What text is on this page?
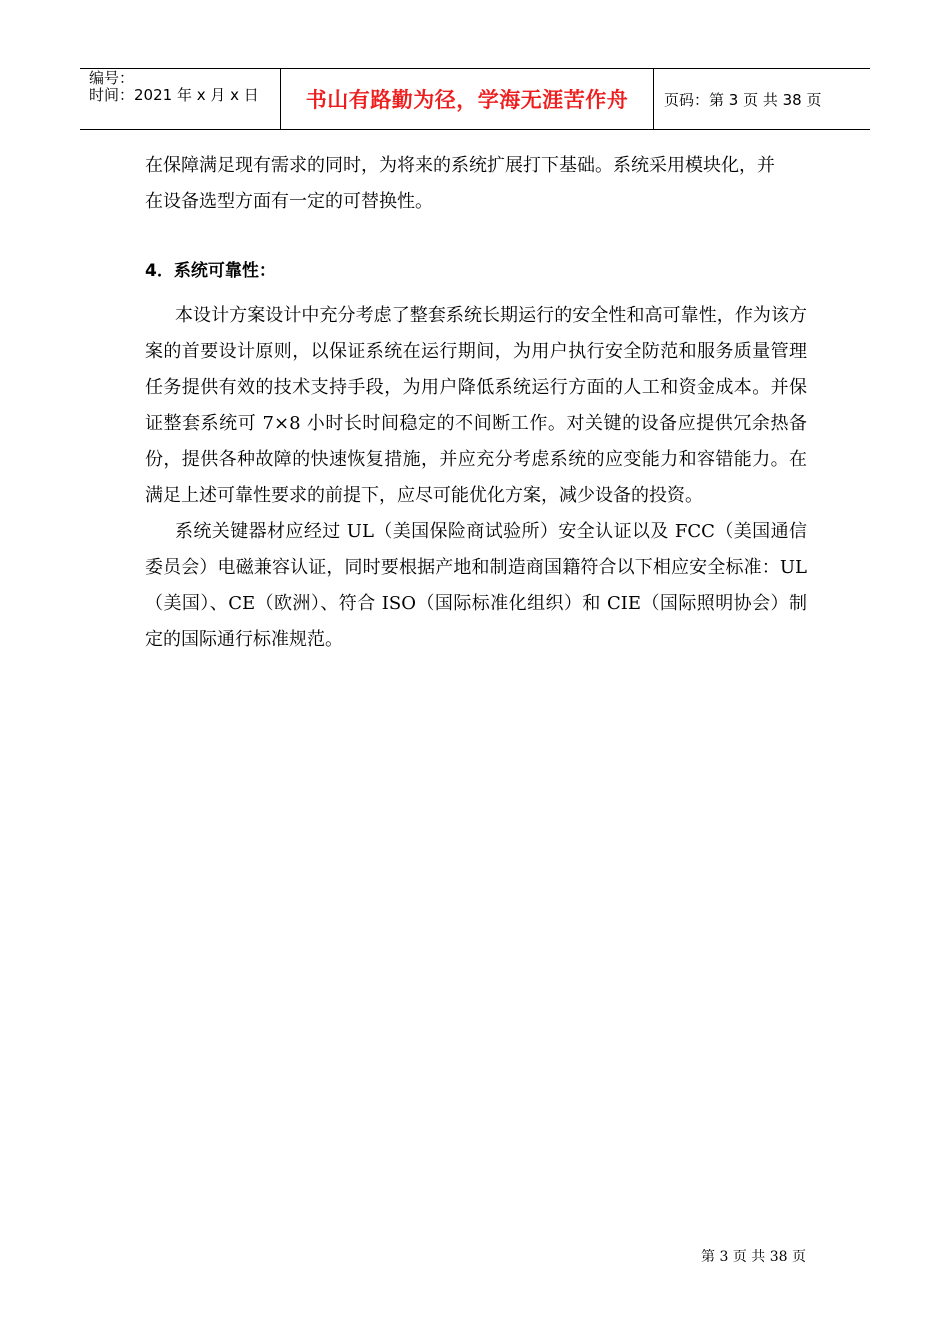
编号：
时间：2021 年 x 月 x 日	书山有路勤为径，学海无涯苦作舟	页码：第 3 页 共 38 页

在保障满足现有需求的同时，为将来的系统扩展打下基础。系统采用模块化，并

在设备选型方面有一定的可替换性。

4．系统可靠性：

本设计方案设计中充分考虑了整套系统长期运行的安全性和高可靠性，作为该方案的首要设计原则，以保证系统在运行期间，为用户执行安全防范和服务质量管理任务提供有效的技术支持手段，为用户降低系统运行方面的人工和资金成本。并保证整套系统可 7×8 小时长时间稳定的不间断工作。对关键的设备应提供冗余热备份，提供各种故障的快速恢复措施，并应充分考虑系统的应变能力和容错能力。在满足上述可靠性要求的前提下，应尽可能优化方案，减少设备的投资。

系统关键器材应经过 UL（美国保险商试验所）安全认证以及 FCC（美国通信委员会）电磁兼容认证，同时要根据产地和制造商国籍符合以下相应安全标准：UL（美国）、CE（欧洲）、符合 ISO（国际标准化组织）和 CIE（国际照明协会）制定的国际通行标准规范。

第 3 页 共 38 页
